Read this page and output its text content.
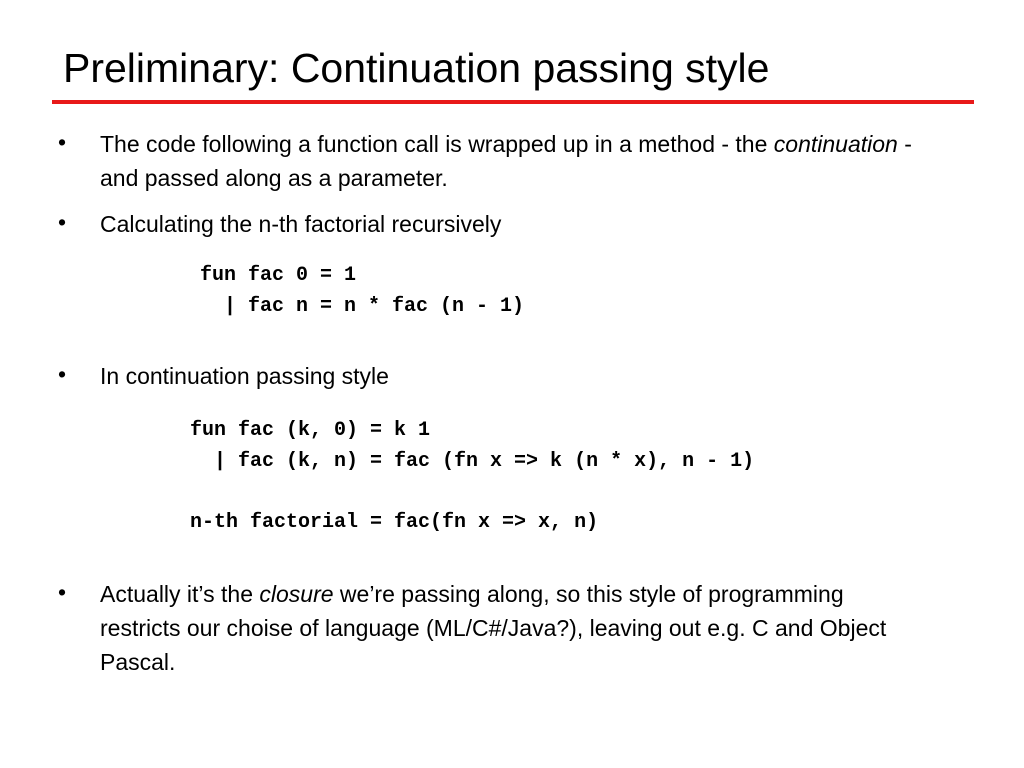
Preliminary: Continuation passing style
•	The code following a function call is wrapped up in a method - the continuation - and passed along as a parameter.
•	Calculating the n-th factorial recursively
fun fac 0 = 1
| fac n = n * fac (n - 1)
•	In continuation passing style
fun fac (k, 0) = k 1
| fac (k, n) = fac (fn x => k (n * x), n - 1)
n-th factorial = fac(fn x => x, n)
•	Actually it’s the closure we’re passing along, so this style of programming restricts our choise of language (ML/C#/Java?), leaving out e.g. C and Object Pascal.
